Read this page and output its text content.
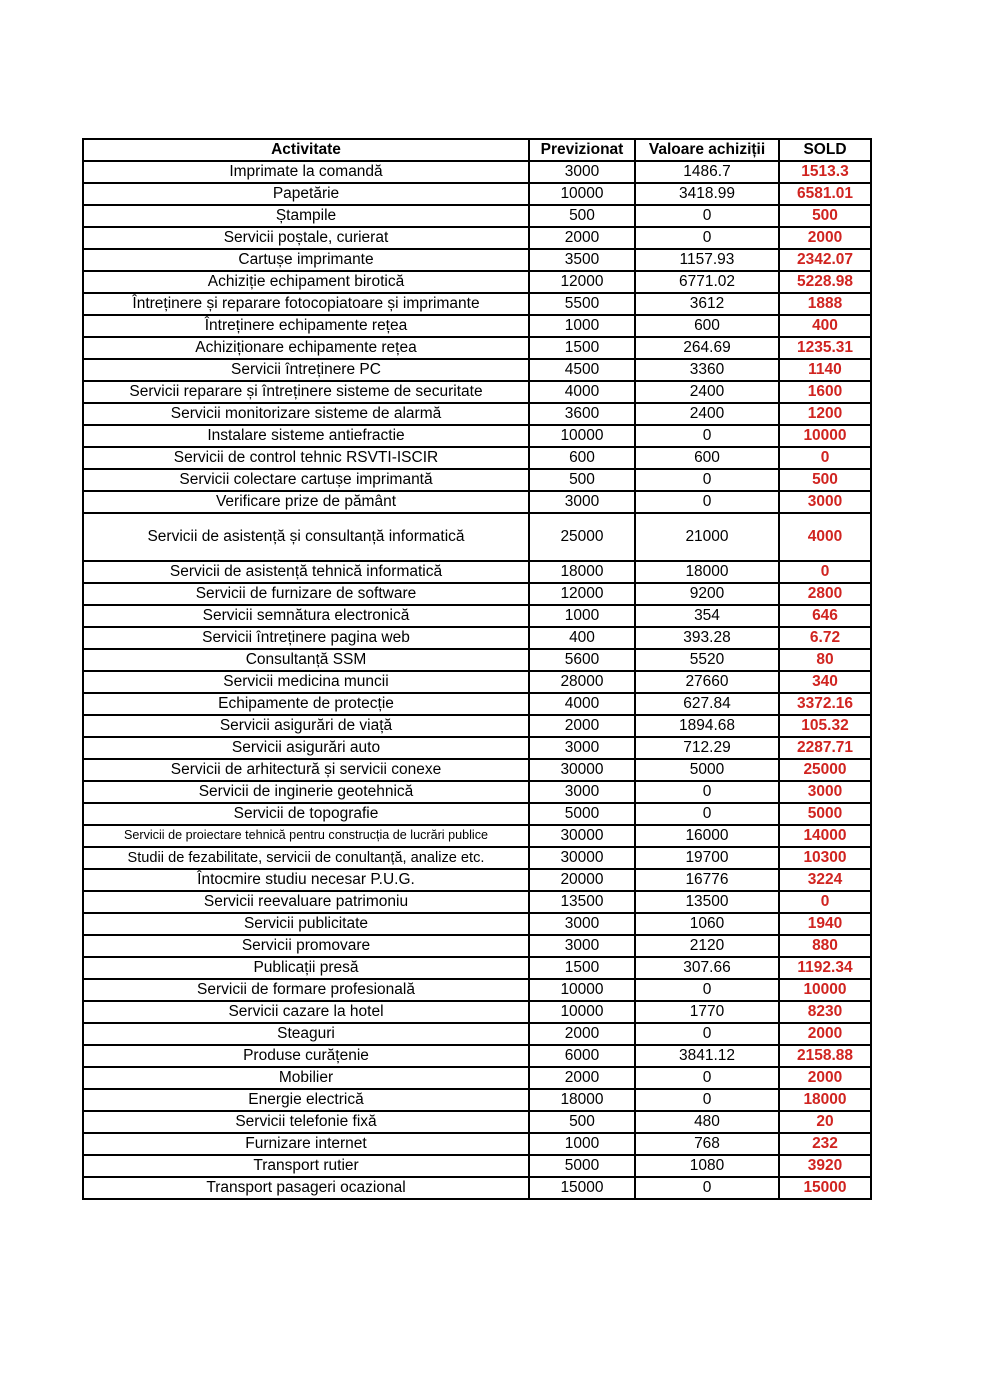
Activitate	Previzionat	Valoare achiziții	SOLD
Imprimate la comandă	3000	1486.7	1513.3
Papetărie	10000	3418.99	6581.01
Ștampile	500	0	500
Servicii poștale, curierat	2000	0	2000
Cartușe imprimante	3500	1157.93	2342.07
Achiziție echipament birotică	12000	6771.02	5228.98
Întreținere și reparare fotocopiatoare și imprimante	5500	3612	1888
Întreținere echipamente rețea	1000	600	400
Achiziționare echipamente rețea	1500	264.69	1235.31
Servicii întreținere PC	4500	3360	1140
Servicii reparare și întreținere sisteme de securitate	4000	2400	1600
Servicii monitorizare sisteme de alarmă	3600	2400	1200
Instalare sisteme antiefractie	10000	0	10000
Servicii de control tehnic RSVTI-ISCIR	600	600	0
Servicii colectare cartușe imprimantă	500	0	500
Verificare prize de pământ	3000	0	3000
Servicii de asistență și consultanță informatică	25000	21000	4000
Servicii de asistență tehnică informatică	18000	18000	0
Servicii de furnizare de software	12000	9200	2800
Servicii semnătura electronică	1000	354	646
Servicii întreținere pagina web	400	393.28	6.72
Consultanță SSM	5600	5520	80
Servicii medicina muncii	28000	27660	340
Echipamente de protecție	4000	627.84	3372.16
Servicii asigurări de viață	2000	1894.68	105.32
Servicii asigurări auto	3000	712.29	2287.71
Servicii de arhitectură și servicii conexe	30000	5000	25000
Servicii de inginerie geotehnică	3000	0	3000
Servicii de topografie	5000	0	5000
Servicii de proiectare tehnică pentru construcția de lucrări publice	30000	16000	14000
Studii de fezabilitate, servicii de conultanță, analize etc.	30000	19700	10300
Întocmire studiu necesar P.U.G.	20000	16776	3224
Servicii reevaluare patrimoniu	13500	13500	0
Servicii publicitate	3000	1060	1940
Servicii promovare	3000	2120	880
Publicații presă	1500	307.66	1192.34
Servicii de formare profesională	10000	0	10000
Servicii cazare la hotel	10000	1770	8230
Steaguri	2000	0	2000
Produse curățenie	6000	3841.12	2158.88
Mobilier	2000	0	2000
Energie electrică	18000	0	18000
Servicii telefonie fixă	500	480	20
Furnizare internet	1000	768	232
Transport rutier	5000	1080	3920
Transport pasageri ocazional	15000	0	15000
